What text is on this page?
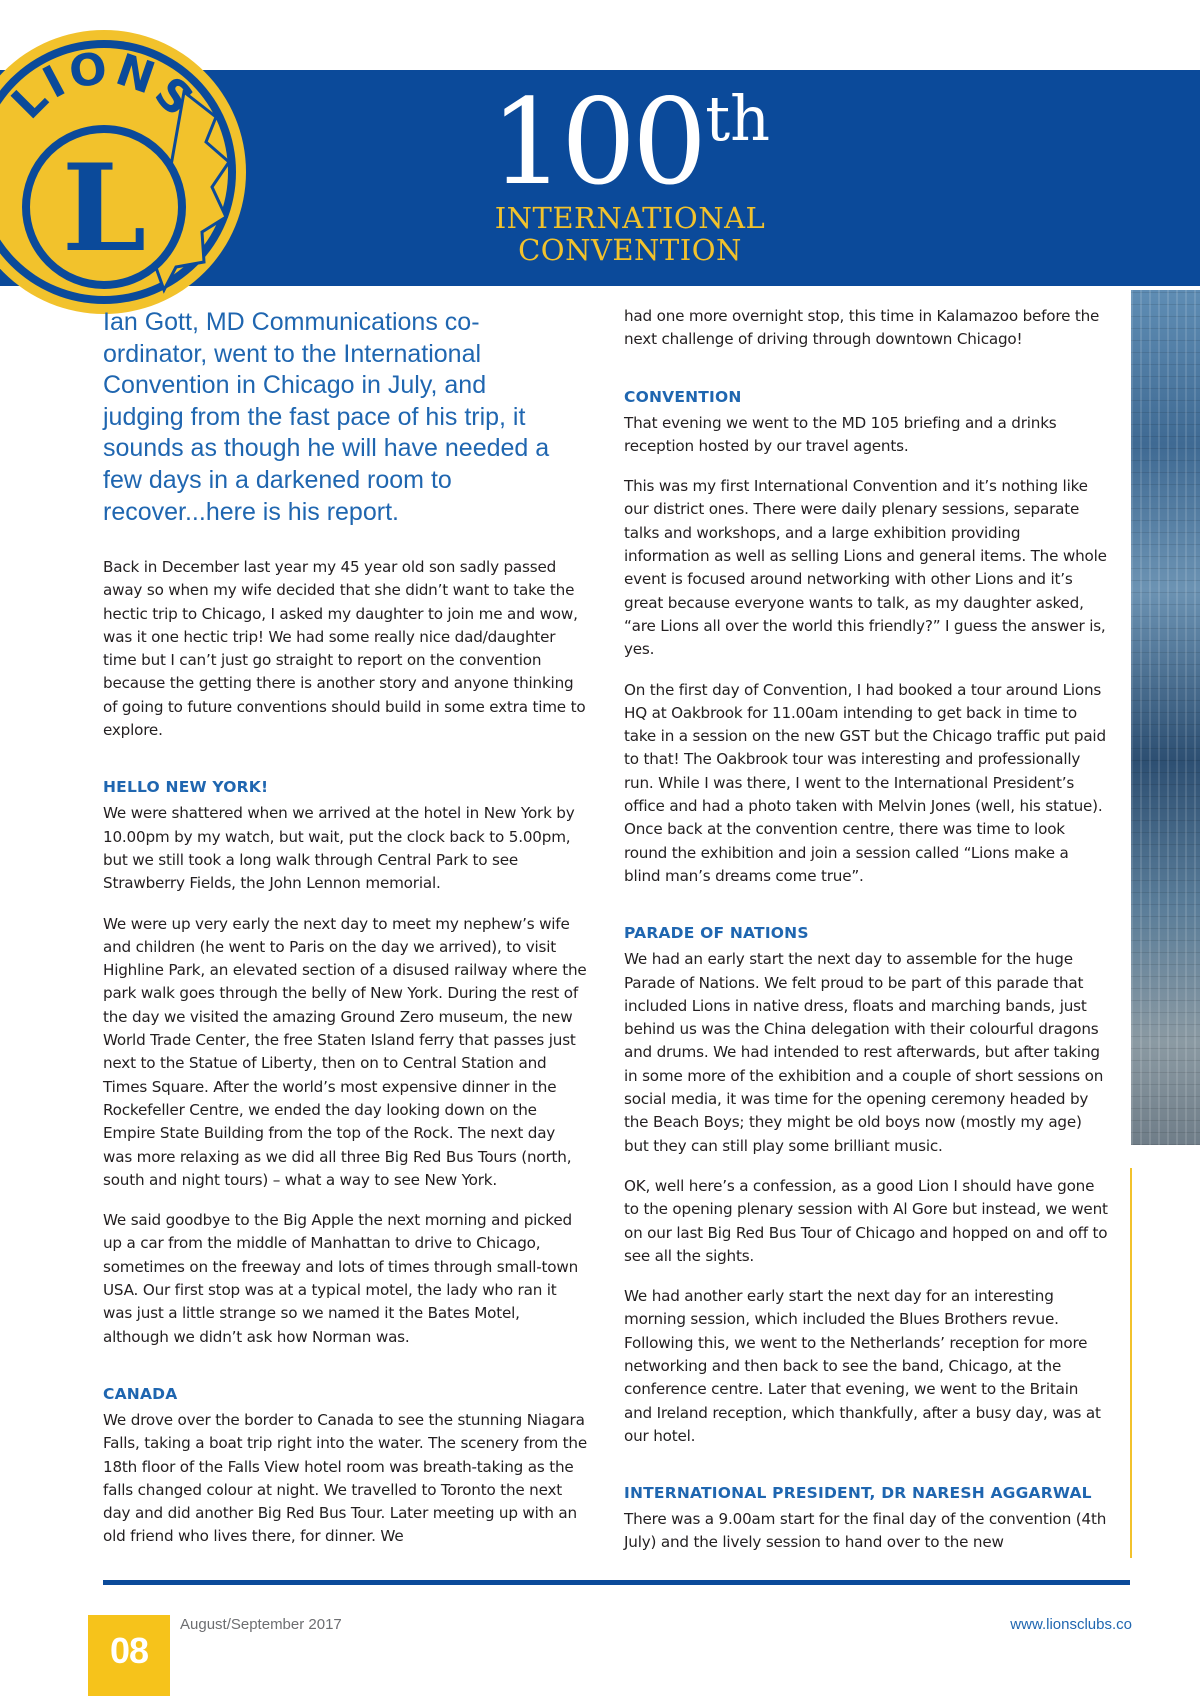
L
LIONS 100th
INTERNATIONAL
CONVENTION
Ian Gott, MD Communications co-ordinator, went to the International Convention in Chicago in July, and judging from the fast pace of his trip, it sounds as though he will have needed a few days in a darkened room to recover...here is his report.

Back in December last year my 45 year old son sadly passed away so when my wife decided that she didn’t want to take the hectic trip to Chicago, I asked my daughter to join me and wow, was it one hectic trip! We had some really nice dad/daughter time but I can’t just go straight to report on the convention because the getting there is another story and anyone thinking of going to future conventions should build in some extra time to explore.

HELLO NEW YORK!

We were shattered when we arrived at the hotel in New York by 10.00pm by my watch, but wait, put the clock back to 5.00pm, but we still took a long walk through Central Park to see Strawberry Fields, the John Lennon memorial.

We were up very early the next day to meet my nephew’s wife and children (he went to Paris on the day we arrived), to visit Highline Park, an elevated section of a disused railway where the park walk goes through the belly of New York. During the rest of the day we visited the amazing Ground Zero museum, the new World Trade Center, the free Staten Island ferry that passes just next to the Statue of Liberty, then on to Central Station and Times Square. After the world’s most expensive dinner in the Rockefeller Centre, we ended the day looking down on the Empire State Building from the top of the Rock. The next day was more relaxing as we did all three Big Red Bus Tours (north, south and night tours) – what a way to see New York.

We said goodbye to the Big Apple the next morning and picked up a car from the middle of Manhattan to drive to Chicago, sometimes on the freeway and lots of times through small-town USA. Our first stop was at a typical motel, the lady who ran it was just a little strange so we named it the Bates Motel, although we didn’t ask how Norman was.

CANADA

We drove over the border to Canada to see the stunning Niagara Falls, taking a boat trip right into the water. The scenery from the 18th floor of the Falls View hotel room was breath-taking as the falls changed colour at night. We travelled to Toronto the next day and did another Big Red Bus Tour. Later meeting up with an old friend who lives there, for dinner. We

had one more overnight stop, this time in Kalamazoo before the next challenge of driving through downtown Chicago!

CONVENTION

That evening we went to the MD 105 briefing and a drinks reception hosted by our travel agents.

This was my first International Convention and it’s nothing like our district ones. There were daily plenary sessions, separate talks and workshops, and a large exhibition providing information as well as selling Lions and general items. The whole event is focused around networking with other Lions and it’s great because everyone wants to talk, as my daughter asked, “are Lions all over the world this friendly?” I guess the answer is, yes.

On the first day of Convention, I had booked a tour around Lions HQ at Oakbrook for 11.00am intending to get back in time to take in a session on the new GST but the Chicago traffic put paid to that! The Oakbrook tour was interesting and professionally run. While I was there, I went to the International President’s office and had a photo taken with Melvin Jones (well, his statue). Once back at the convention centre, there was time to look round the exhibition and join a session called “Lions make a blind man’s dreams come true”.

PARADE OF NATIONS

We had an early start the next day to assemble for the huge Parade of Nations. We felt proud to be part of this parade that included Lions in native dress, floats and marching bands, just behind us was the China delegation with their colourful dragons and drums. We had intended to rest afterwards, but after taking in some more of the exhibition and a couple of short sessions on social media, it was time for the opening ceremony headed by the Beach Boys; they might be old boys now (mostly my age) but they can still play some brilliant music.

OK, well here’s a confession, as a good Lion I should have gone to the opening plenary session with Al Gore but instead, we went on our last Big Red Bus Tour of Chicago and hopped on and off to see all the sights.

We had another early start the next day for an interesting morning session, which included the Blues Brothers revue. Following this, we went to the Netherlands’ reception for more networking and then back to see the band, Chicago, at the conference centre. Later that evening, we went to the Britain and Ireland reception, which thankfully, after a busy day, was at our hotel.

INTERNATIONAL PRESIDENT, DR NARESH AGGARWAL

There was a 9.00am start for the final day of the convention (4th July) and the lively session to hand over to the new

08
August/September 2017	www.lionsclubs.co
